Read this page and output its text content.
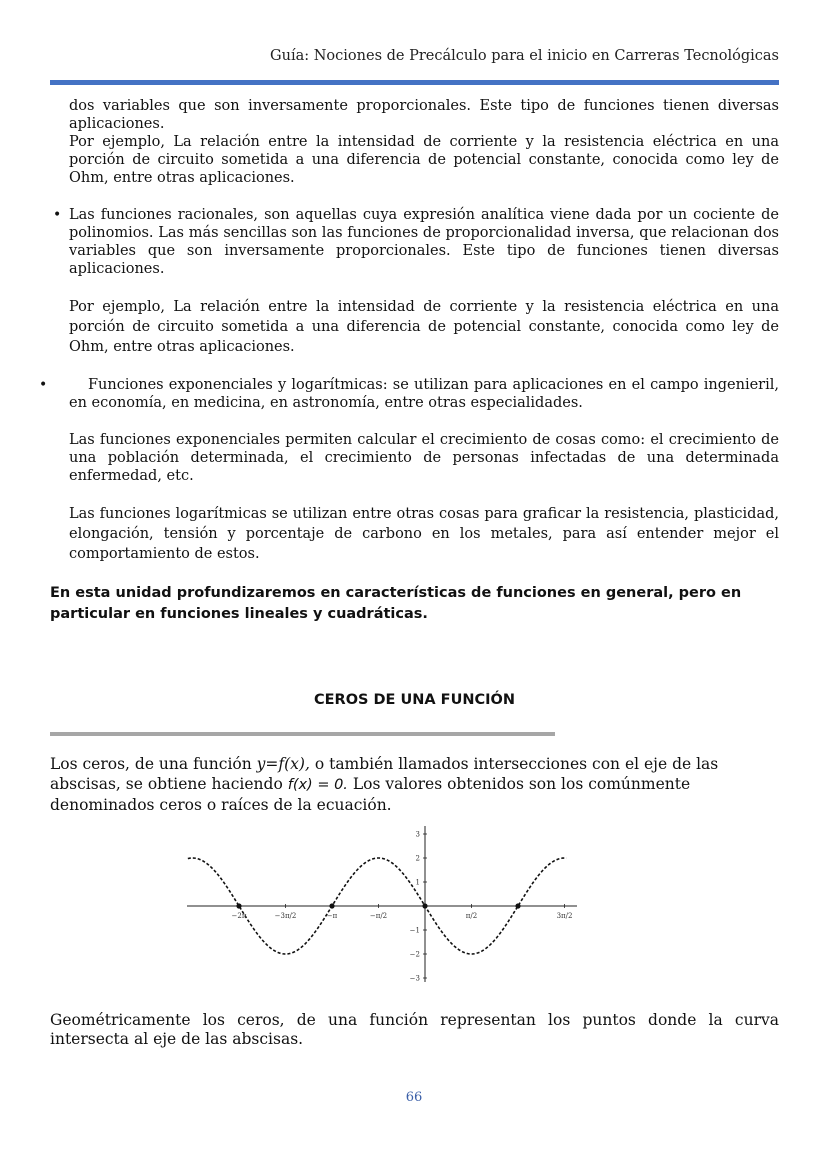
Guía: Nociones de Precálculo para el inicio en Carreras Tecnológicas

dos variables que son inversamente proporcionales. Este tipo de funciones tienen diversas aplicaciones.

Por ejemplo, La relación entre la intensidad de corriente y la resistencia eléctrica en una porción de circuito sometida a una diferencia de potencial constante, conocida como ley de Ohm, entre otras aplicaciones.

• Las funciones racionales, son aquellas cuya expresión analítica viene dada por un cociente de polinomios. Las más sencillas son las funciones de proporcionalidad inversa, que relacionan dos variables que son inversamente proporcionales. Este tipo de funciones tienen diversas aplicaciones.

Por ejemplo, La relación entre la intensidad de corriente y la resistencia eléctrica en una porción de circuito sometida a una diferencia de potencial constante, conocida como ley de Ohm, entre otras aplicaciones.

•	Funciones exponenciales y logarítmicas: se utilizan para aplicaciones en el campo ingenieril, en economía, en medicina, en astronomía, entre otras especialidades.

Las funciones exponenciales permiten calcular el crecimiento de cosas como: el crecimiento de una población determinada, el crecimiento de personas infectadas de una determinada enfermedad, etc.

Las funciones logarítmicas se utilizan entre otras cosas para graficar la resistencia, plasticidad, elongación, tensión y porcentaje de carbono en los metales, para así entender mejor el comportamiento de estos.

En esta unidad profundizaremos en características de funciones en general, pero en particular en funciones lineales y cuadráticas.

CEROS DE UNA FUNCIÓN
Los ceros, de una función y=f(x), o también llamados intersecciones con el eje de las abscisas, se obtiene haciendo f(x) = 0. Los valores obtenidos son los comúnmente denominados ceros o raíces de la ecuación.
−2π	−3π/2	−π	−π/2	π/2	3π/2
3
2
1
−1
−2
−3
Geométricamente los ceros, de una función representan los puntos donde la curva intersecta al eje de las abscisas.
66
